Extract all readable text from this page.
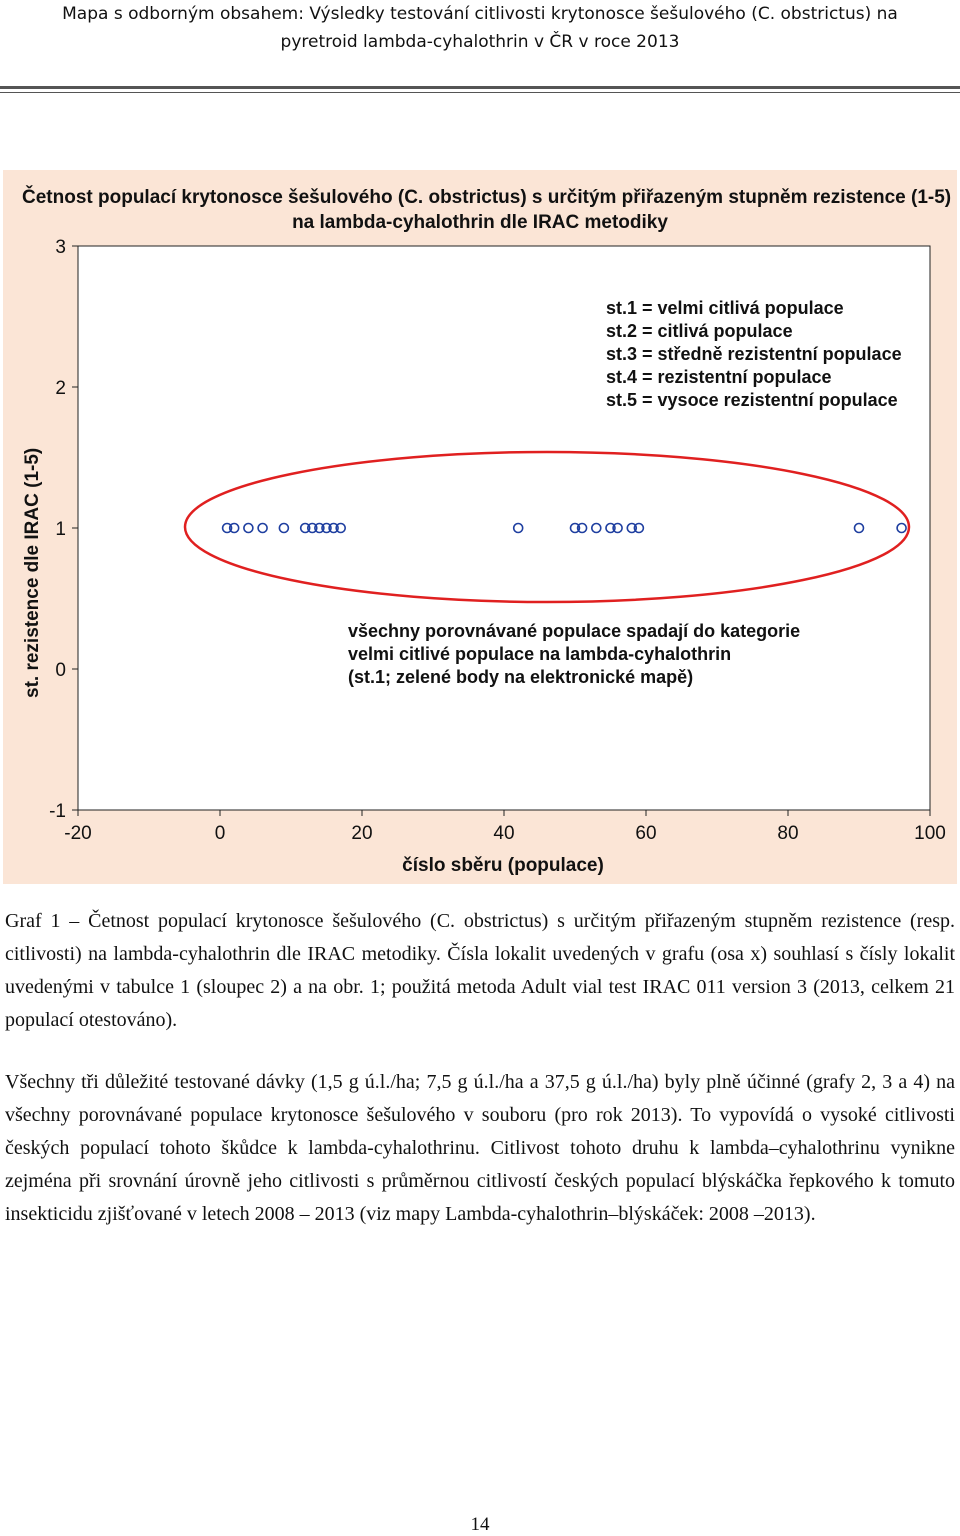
Mapa s odborným obsahem: Výsledky testování citlivosti krytonosce šešulového (C. obstrictus) na
pyretroid lambda-cyhalothrin v ČR v roce 2013
Četnost populací krytonosce šešulového (C. obstrictus) s určitým přiřazeným stupněm rezistence (1-5)
na lambda-cyhalothrin dle IRAC metodiky
-1
0
1
2
3
-20	0	20	40	60	80	100
st. rezistence dle IRAC (1-5)
číslo sběru (populace)
st.1 = velmi citlivá populace
st.2 = citlivá populace
st.3 = středně rezistentní populace
st.4 = rezistentní populace
st.5 = vysoce rezistentní populace
všechny porovnávané populace spadají do kategorie
velmi citlivé populace na lambda-cyhalothrin
(st.1; zelené body na elektronické mapě)

Graf 1 – Četnost populací krytonosce šešulového (C. obstrictus) s určitým přiřazeným stupněm rezistence (resp. citlivosti) na lambda-cyhalothrin dle IRAC metodiky. Čísla lokalit uvedených v grafu (osa x) souhlasí s čísly lokalit uvedenými v tabulce 1 (sloupec 2) a na obr. 1; použitá metoda Adult vial test IRAC 011 version 3 (2013, celkem 21 populací otestováno).

Všechny tři důležité testované dávky (1,5 g ú.l./ha; 7,5 g ú.l./ha a 37,5 g ú.l./ha) byly plně účinné (grafy 2, 3 a 4) na všechny porovnávané populace krytonosce šešulového v souboru (pro rok 2013). To vypovídá o vysoké citlivosti českých populací tohoto škůdce k lambda-cyhalothrinu. Citlivost tohoto druhu k lambda–cyhalothrinu vynikne zejména při srovnání úrovně jeho citlivosti s průměrnou citlivostí českých populací blýskáčka řepkového k tomuto insekticidu zjišťované v letech 2008 – 2013 (viz mapy Lambda-cyhalothrin–blýskáček: 2008 –2013).

14
